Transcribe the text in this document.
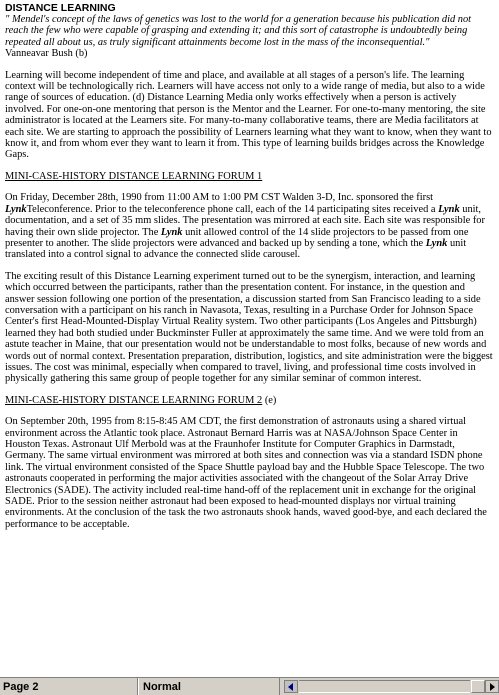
DISTANCE LEARNING

" Mendel's concept of the laws of genetics was lost to the world for a generation because his publication did not reach the few who were capable of grasping and extending it; and this sort of catastrophe is undoubtedly being repeated all about us, as truly significant attainments become lost in the mass of the inconsequential."

Vanneavar Bush (b)

Learning will become independent of time and place, and available at all stages of a person's life. The learning context will be technologically rich. Learners will have access not only to a wide range of media, but also to a wide range of sources of education. (d) Distance Learning Media only works effectively when a person is actively involved. For one-on-one mentoring that person is the Mentor and the Learner. For one-to-many mentoring, the site administrator is located at the Learners site. For many-to-many collaborative teams, there are Media facilitators at each site. We are starting to approach the possibility of Learners learning what they want to know, when they want to know it, and from whom ever they want to learn it from. This type of learning builds bridges across the Knowledge Gaps.

MINI-CASE-HISTORY DISTANCE LEARNING FORUM 1

On Friday, December 28th, 1990 from 11:00 AM to 1:00 PM CST Walden 3-D, Inc. sponsored the first LynkTeleconference. Prior to the teleconference phone call, each of the 14 participating sites received a Lynk unit, documentation, and a set of 35 mm slides. The presentation was mirrored at each site. Each site was responsible for having their own slide projector. The Lynk unit allowed control of the 14 slide projectors to be passed from one presenter to another. The slide projectors were advanced and backed up by sending a tone, which the Lynk unit translated into a control signal to advance the connected slide carousel.

The exciting result of this Distance Learning experiment turned out to be the synergism, interaction, and learning which occurred between the participants, rather than the presentation content. For instance, in the question and answer session following one portion of the presentation, a discussion started from San Francisco leading to a side conversation with a participant on his ranch in Navasota, Texas, resulting in a Purchase Order for Johnson Space Center's first Head-Mounted-Display Virtual Reality system. Two other participants (Los Angeles and Pittsburgh) learned they had both studied under Buckminster Fuller at approximately the same time. And we were told from an astute teacher in Maine, that our presentation would not be understandable to most folks, because of new words and words out of normal context. Presentation preparation, distribution, logistics, and site administration were the biggest issues. The cost was minimal, especially when compared to travel, living, and professional time costs involved in physically gathering this same group of people together for any similar seminar of common interest.

MINI-CASE-HISTORY DISTANCE LEARNING FORUM 2 (e)

On September 20th, 1995 from 8:15-8:45 AM CDT, the first demonstration of astronauts using a shared virtual environment across the Atlantic took place. Astronaut Bernard Harris was at NASA/Johnson Space Center in Houston Texas. Astronaut Ulf Merbold was at the Fraunhofer Institute for Computer Graphics in Darmstadt, Germany. The same virtual environment was mirrored at both sites and connection was via a standard ISDN phone link. The virtual environment consisted of the Space Shuttle payload bay and the Hubble Space Telescope. The two astronauts cooperated in performing the major activities associated with the changeout of the Solar Array Drive Electronics (SADE). The activity included real-time hand-off of the replacement unit in exchange for the original SADE. Prior to the session neither astronaut had been exposed to head-mounted displays nor virtual training environments. At the conclusion of the task the two astronauts shook hands, waved good-bye, and each declared the performance to be acceptable.

Page 2	Normal
